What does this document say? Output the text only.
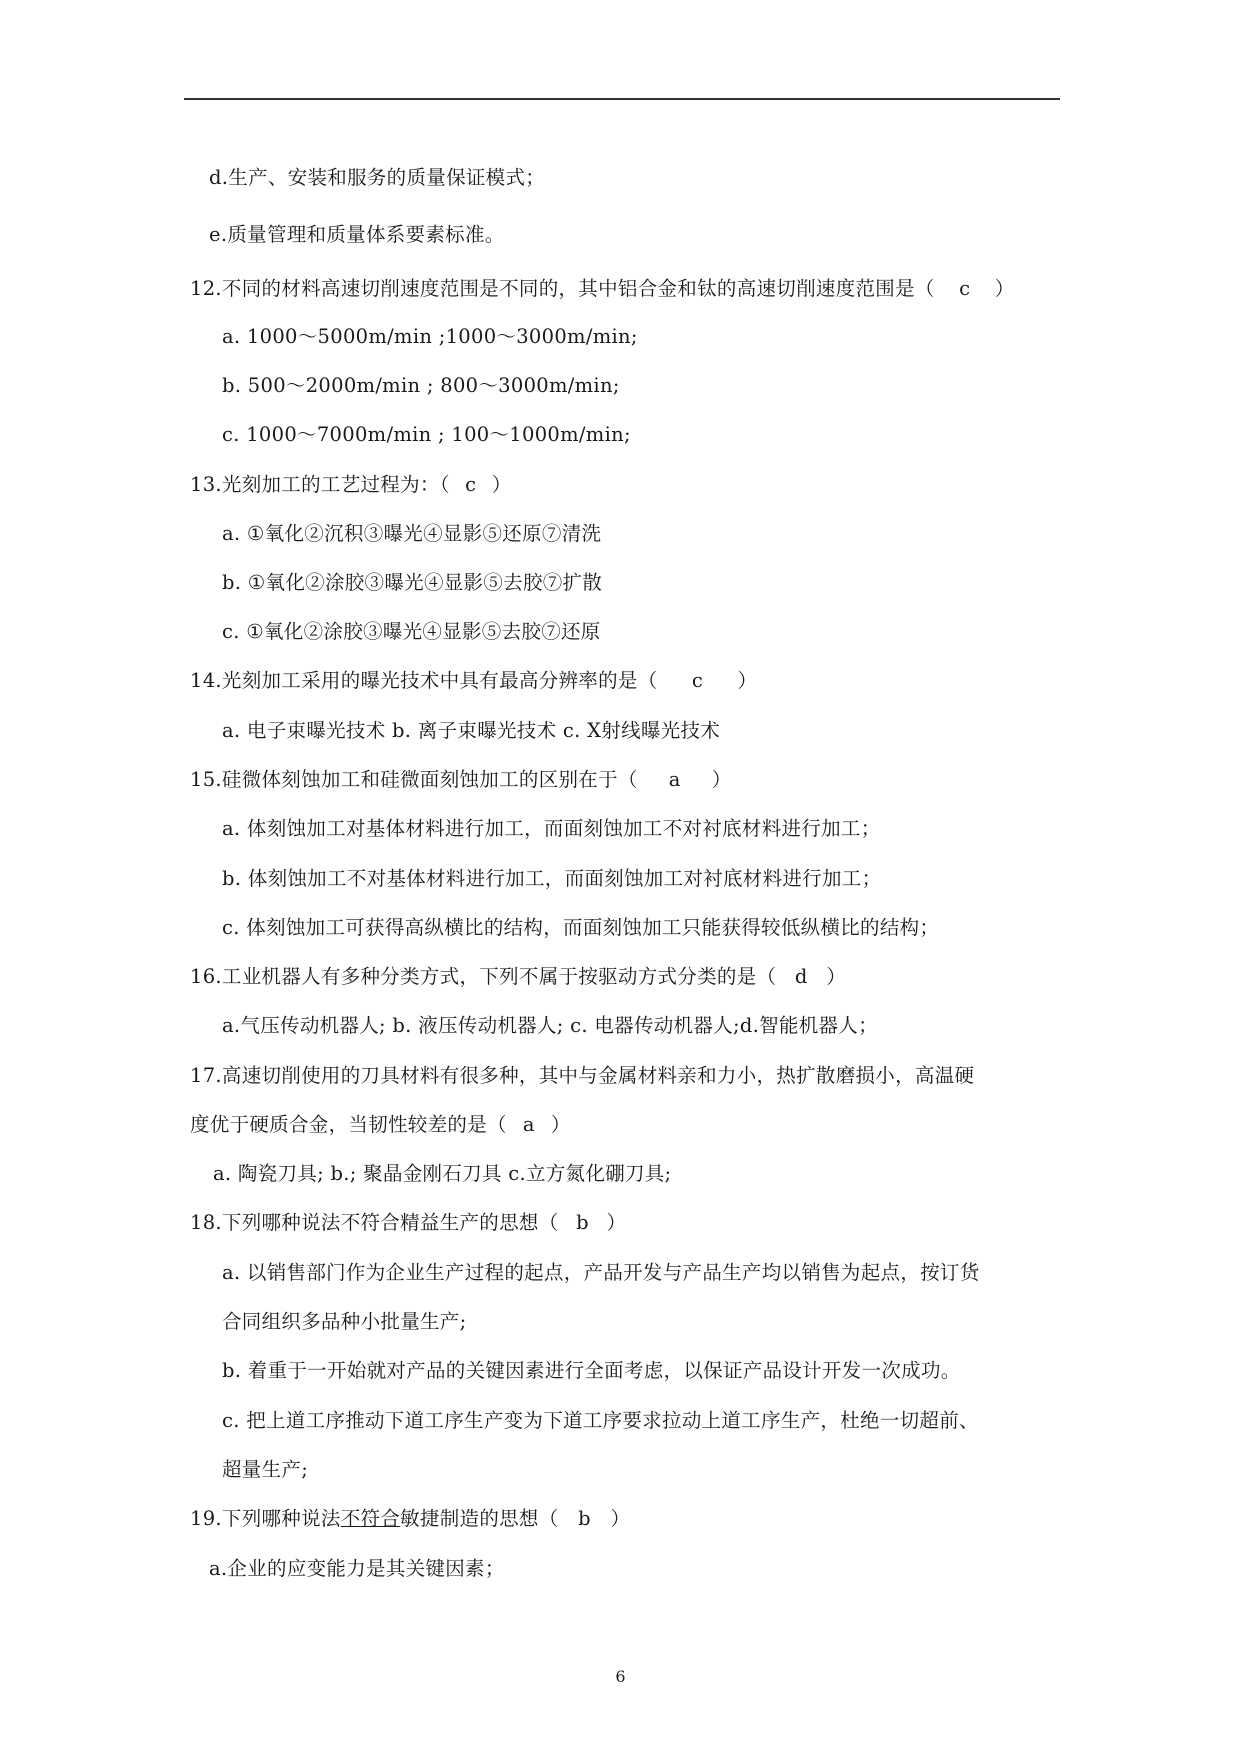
d.生产、安装和服务的质量保证模式；
e.质量管理和质量体系要素标准。
12.不同的材料高速切削速度范围是不同的，其中铝合金和钛的高速切削速度范围是（ c ）
a. 1000～5000m/min ;1000～3000m/min;
b. 500～2000m/min ; 800～3000m/min;
c. 1000～7000m/min ; 100～1000m/min;
13.光刻加工的工艺过程为：（ c ）
a. ①氧化②沉积③曝光④显影⑤还原⑦清洗
b. ①氧化②涂胶③曝光④显影⑤去胶⑦扩散
c. ①氧化②涂胶③曝光④显影⑤去胶⑦还原
14.光刻加工采用的曝光技术中具有最高分辨率的是（ c ）
a. 电子束曝光技术 b. 离子束曝光技术 c. X射线曝光技术
15.硅微体刻蚀加工和硅微面刻蚀加工的区别在于（ a ）
a. 体刻蚀加工对基体材料进行加工，而面刻蚀加工不对衬底材料进行加工；
b. 体刻蚀加工不对基体材料进行加工，而面刻蚀加工对衬底材料进行加工；
c. 体刻蚀加工可获得高纵横比的结构，而面刻蚀加工只能获得较低纵横比的结构；
16.工业机器人有多种分类方式，下列不属于按驱动方式分类的是（ d ）
a.气压传动机器人; b. 液压传动机器人; c. 电器传动机器人;d.智能机器人；
17.高速切削使用的刀具材料有很多种，其中与金属材料亲和力小，热扩散磨损小，高温硬
度优于硬质合金，当韧性较差的是（ a ）
a. 陶瓷刀具; b.; 聚晶金刚石刀具 c.立方氮化硼刀具;
18.下列哪种说法不符合精益生产的思想（ b ）
a. 以销售部门作为企业生产过程的起点，产品开发与产品生产均以销售为起点，按订货
合同组织多品种小批量生产;
b. 着重于一开始就对产品的关键因素进行全面考虑，以保证产品设计开发一次成功。
c. 把上道工序推动下道工序生产变为下道工序要求拉动上道工序生产，杜绝一切超前、
超量生产;
19.下列哪种说法不符合敏捷制造的思想（ b ）
a.企业的应变能力是其关键因素；
6
